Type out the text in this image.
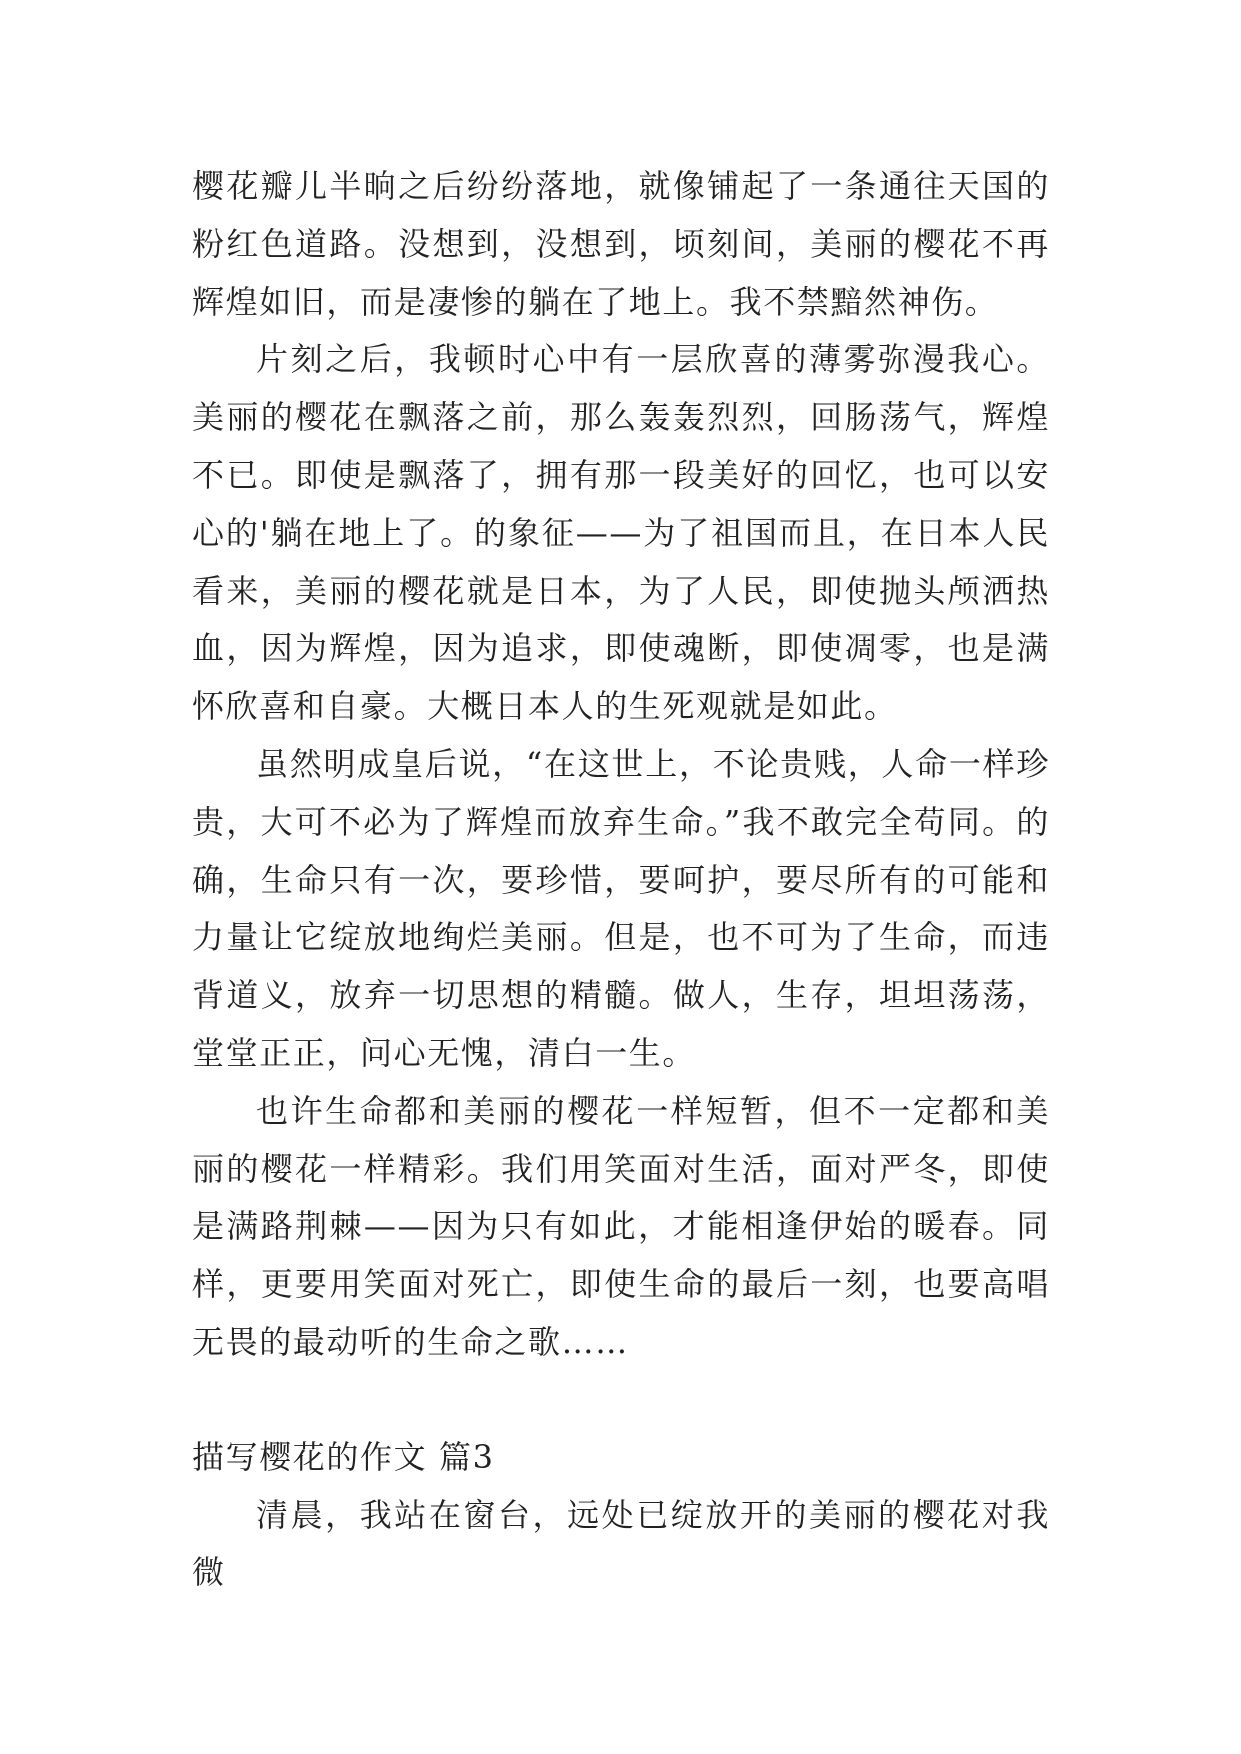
樱花瓣儿半晌之后纷纷落地，就像铺起了一条通往天国的粉红色道路。没想到，没想到，顷刻间，美丽的樱花不再辉煌如旧，而是凄惨的躺在了地上。我不禁黯然神伤。

片刻之后，我顿时心中有一层欣喜的薄雾弥漫我心。美丽的樱花在飘落之前，那么轰轰烈烈，回肠荡气，辉煌不已。即使是飘落了，拥有那一段美好的回忆，也可以安心的'躺在地上了。的象征——为了祖国而且，在日本人民看来，美丽的樱花就是日本，为了人民，即使抛头颅洒热血，因为辉煌，因为追求，即使魂断，即使凋零，也是满怀欣喜和自豪。大概日本人的生死观就是如此。

虽然明成皇后说，“在这世上，不论贵贱，人命一样珍贵，大可不必为了辉煌而放弃生命。”我不敢完全苟同。的确，生命只有一次，要珍惜，要呵护，要尽所有的可能和力量让它绽放地绚烂美丽。但是，也不可为了生命，而违背道义，放弃一切思想的精髓。做人，生存，坦坦荡荡，堂堂正正，问心无愧，清白一生。

也许生命都和美丽的樱花一样短暂，但不一定都和美丽的樱花一样精彩。我们用笑面对生活，面对严冬，即使是满路荆棘——因为只有如此，才能相逢伊始的暖春。同样，更要用笑面对死亡，即使生命的最后一刻，也要高唱无畏的最动听的生命之歌……

描写樱花的作文 篇3

清晨，我站在窗台，远处已绽放开的美丽的樱花对我微
